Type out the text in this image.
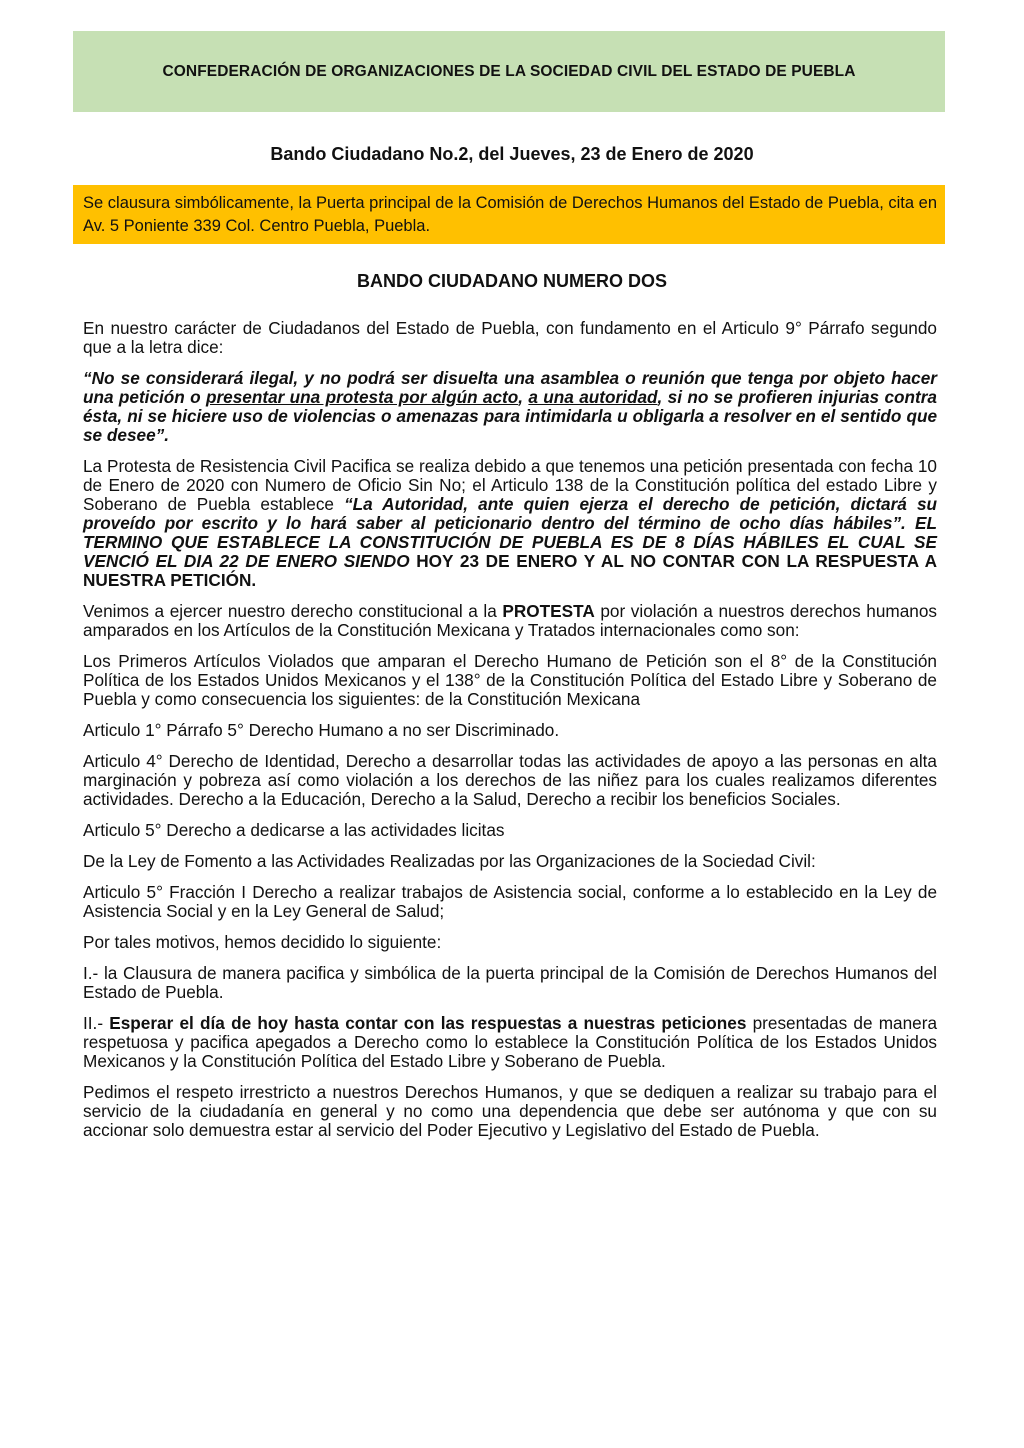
CONFEDERACIÓN DE ORGANIZACIONES DE LA SOCIEDAD CIVIL DEL ESTADO DE PUEBLA
Bando Ciudadano No.2, del Jueves, 23 de Enero de 2020
Se clausura simbólicamente, la Puerta principal de la Comisión de Derechos Humanos del Estado de Puebla, cita en Av. 5 Poniente 339 Col. Centro Puebla, Puebla.
BANDO CIUDADANO NUMERO DOS

En nuestro carácter de Ciudadanos del Estado de Puebla, con fundamento en el Articulo 9° Párrafo segundo que a la letra dice:

“No se considerará ilegal, y no podrá ser disuelta una asamblea o reunión que tenga por objeto hacer una petición o presentar una protesta por algún acto, a una autoridad, si no se profieren injurias contra ésta, ni se hiciere uso de violencias o amenazas para intimidarla u obligarla a resolver en el sentido que se desee”.

La Protesta de Resistencia Civil Pacifica se realiza debido a que tenemos una petición presentada con fecha 10 de Enero de 2020 con Numero de Oficio Sin No; el Articulo 138 de la Constitución política del estado Libre y Soberano de Puebla establece “La Autoridad, ante quien ejerza el derecho de petición, dictará su proveído por escrito y lo hará saber al peticionario dentro del término de ocho días hábiles”. EL TERMINO QUE ESTABLECE LA CONSTITUCIÓN DE PUEBLA ES DE 8 DÍAS HÁBILES EL CUAL SE VENCIÓ EL DIA 22 DE ENERO SIENDO HOY 23 DE ENERO Y AL NO CONTAR CON LA RESPUESTA A NUESTRA PETICIÓN.

Venimos a ejercer nuestro derecho constitucional a la PROTESTA por violación a nuestros derechos humanos amparados en los Artículos de la Constitución Mexicana y Tratados internacionales como son:

Los Primeros Artículos Violados que amparan el Derecho Humano de Petición son el 8° de la Constitución Política de los Estados Unidos Mexicanos y el 138° de la Constitución Política del Estado Libre y Soberano de Puebla y como consecuencia los siguientes: de la Constitución Mexicana

Articulo 1° Párrafo 5° Derecho Humano a no ser Discriminado.

Articulo 4° Derecho de Identidad, Derecho a desarrollar todas las actividades de apoyo a las personas en alta marginación y pobreza así como violación a los derechos de las niñez para los cuales realizamos diferentes actividades. Derecho a la Educación, Derecho a la Salud, Derecho a recibir los beneficios Sociales.

Articulo 5° Derecho a dedicarse a las actividades licitas

De la Ley de Fomento a las Actividades Realizadas por las Organizaciones de la Sociedad Civil:

Articulo 5° Fracción I Derecho a realizar trabajos de Asistencia social, conforme a lo establecido en la Ley de Asistencia Social y en la Ley General de Salud;

Por tales motivos, hemos decidido lo siguiente:

I.- la Clausura de manera pacifica y simbólica de la puerta principal de la Comisión de Derechos Humanos del Estado de Puebla.

II.- Esperar el día de hoy hasta contar con las respuestas a nuestras peticiones presentadas de manera respetuosa y pacifica apegados a Derecho como lo establece la Constitución Política de los Estados Unidos Mexicanos y la Constitución Política del Estado Libre y Soberano de Puebla.

Pedimos el respeto irrestricto a nuestros Derechos Humanos, y que se dediquen a realizar su trabajo para el servicio de la ciudadanía en general y no como una dependencia que debe ser autónoma y que con su accionar solo demuestra estar al servicio del Poder Ejecutivo y Legislativo del Estado de Puebla.
